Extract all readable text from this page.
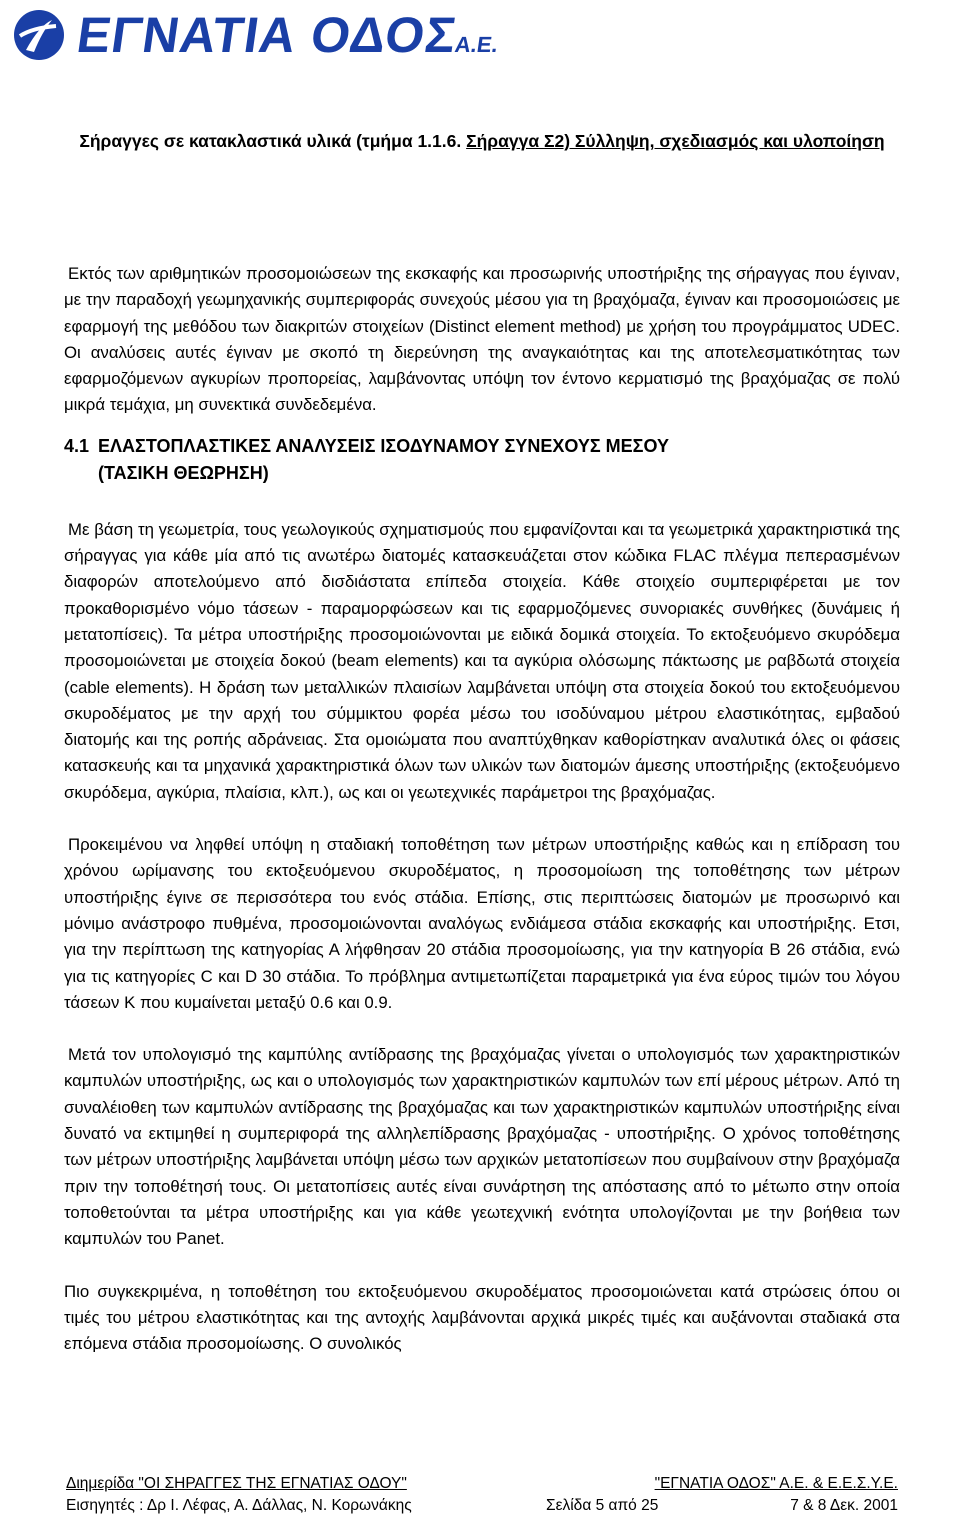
ΕΓΝΑΤΙΑ ΟΔΟΣΑ.Ε.

Σήραγγες σε κατακλαστικά υλικά (τμήμα 1.1.6. Σήραγγα Σ2) Σύλληψη, σχεδιασμός και υλοποίηση

Εκτός των αριθμητικών προσομοιώσεων της εκσκαφής και προσωρινής υποστήριξης της σήραγγας που έγιναν, με την παραδοχή γεωμηχανικής συμπεριφοράς συνεχούς μέσου για τη βραχόμαζα, έγιναν και προσομοιώσεις με εφαρμογή της μεθόδου των διακριτών στοιχείων (Distinct element method) με χρήση του προγράμματος UDEC. Οι αναλύσεις αυτές έγιναν με σκοπό τη διερεύνηση της αναγκαιότητας και της αποτελεσματικότητας των εφαρμοζόμενων αγκυρίων προπορείας, λαμβάνοντας υπόψη τον έντονο κερματισμό της βραχόμαζας σε πολύ μικρά τεμάχια, μη συνεκτικά συνδεδεμένα.

4.1 ΕΛΑΣΤΟΠΛΑΣΤΙΚΕΣ ΑΝΑΛΥΣΕΙΣ ΙΣΟΔΥΝΑΜΟΥ ΣΥΝΕΧΟΥΣ ΜΕΣΟΥ
(ΤΑΣΙΚΗ ΘΕΩΡΗΣΗ)

Με βάση τη γεωμετρία, τους γεωλογικούς σχηματισμούς που εμφανίζονται και τα γεωμετρικά χαρακτηριστικά της σήραγγας για κάθε μία από τις ανωτέρω διατομές κατασκευάζεται στον κώδικα FLAC πλέγμα πεπερασμένων διαφορών αποτελούμενο από δισδιάστατα επίπεδα στοιχεία. Κάθε στοιχείο συμπεριφέρεται με τον προκαθορισμένο νόμο τάσεων - παραμορφώσεων και τις εφαρμοζόμενες συνοριακές συνθήκες (δυνάμεις ή μετατοπίσεις). Τα μέτρα υποστήριξης προσομοιώνονται με ειδικά δομικά στοιχεία. Το εκτοξευόμενο σκυρόδεμα προσομοιώνεται με στοιχεία δοκού (beam elements) και τα αγκύρια ολόσωμης πάκτωσης με ραβδωτά στοιχεία (cable elements). Η δράση των μεταλλικών πλαισίων λαμβάνεται υπόψη στα στοιχεία δοκού του εκτοξευόμενου σκυροδέματος με την αρχή του σύμμικτου φορέα μέσω του ισοδύναμου μέτρου ελαστικότητας, εμβαδού διατομής και της ροπής αδράνειας. Στα ομοιώματα που αναπτύχθηκαν καθορίστηκαν αναλυτικά όλες οι φάσεις κατασκευής και τα μηχανικά χαρακτηριστικά όλων των υλικών των διατομών άμεσης υποστήριξης (εκτοξευόμενο σκυρόδεμα, αγκύρια, πλαίσια, κλπ.), ως και οι γεωτεχνικές παράμετροι της βραχόμαζας.

Προκειμένου να ληφθεί υπόψη η σταδιακή τοποθέτηση των μέτρων υποστήριξης καθώς και η επίδραση του χρόνου ωρίμανσης του εκτοξευόμενου σκυροδέματος, η προσομοίωση της τοποθέτησης των μέτρων υποστήριξης έγινε σε περισσότερα του ενός στάδια. Επίσης, στις περιπτώσεις διατομών με προσωρινό και μόνιμο ανάστροφο πυθμένα, προσομοιώνονται αναλόγως ενδιάμεσα στάδια εκσκαφής και υποστήριξης. Ετσι, για την περίπτωση της κατηγορίας Α λήφθησαν 20 στάδια προσομοίωσης, για την κατηγορία Β 26 στάδια, ενώ για τις κατηγορίες C και D 30 στάδια. Το πρόβλημα αντιμετωπίζεται παραμετρικά για ένα εύρος τιμών του λόγου τάσεων Κ που κυμαίνεται μεταξύ 0.6 και 0.9.

Μετά τον υπολογισμό της καμπύλης αντίδρασης της βραχόμαζας γίνεται ο υπολογισμός των χαρακτηριστικών καμπυλών υποστήριξης, ως και ο υπολογισμός των χαρακτηριστικών καμπυλών των επί μέρους μέτρων. Από τη συναλέιοθεη των καμπυλών αντίδρασης της βραχόμαζας και των χαρακτηριστικών καμπυλών υποστήριξης είναι δυνατό να εκτιμηθεί η συμπεριφορά της αλληλεπίδρασης βραχόμαζας - υποστήριξης. Ο χρόνος τοποθέτησης των μέτρων υποστήριξης λαμβάνεται υπόψη μέσω των αρχικών μετατοπίσεων που συμβαίνουν στην βραχόμαζα πριν την τοποθέτησή τους. Οι μετατοπίσεις αυτές είναι συνάρτηση της απόστασης από το μέτωπο στην οποία τοποθετούνται τα μέτρα υποστήριξης και για κάθε γεωτεχνική ενότητα υπολογίζονται με την βοήθεια των καμπυλών του Panet.

Πιο συγκεκριμένα, η τοποθέτηση του εκτοξευόμενου σκυροδέματος προσομοιώνεται κατά στρώσεις όπου οι τιμές του μέτρου ελαστικότητας και της αντοχής λαμβάνονται αρχικά μικρές τιμές και αυξάνονται σταδιακά στα επόμενα στάδια προσομοίωσης. Ο συνολικός

Διημερίδα "ΟΙ ΣΗΡΑΓΓΕΣ ΤΗΣ ΕΓΝΑΤΙΑΣ ΟΔΟΥ"	"ΕΓΝΑΤΙΑ ΟΔΟΣ" Α.Ε. & Ε.Ε.Σ.Υ.Ε.
Εισηγητές : Δρ Ι. Λέφας, Α. Δάλλας, Ν. Κορωνάκης	Σελίδα 5 από 25	7 & 8 Δεκ. 2001
